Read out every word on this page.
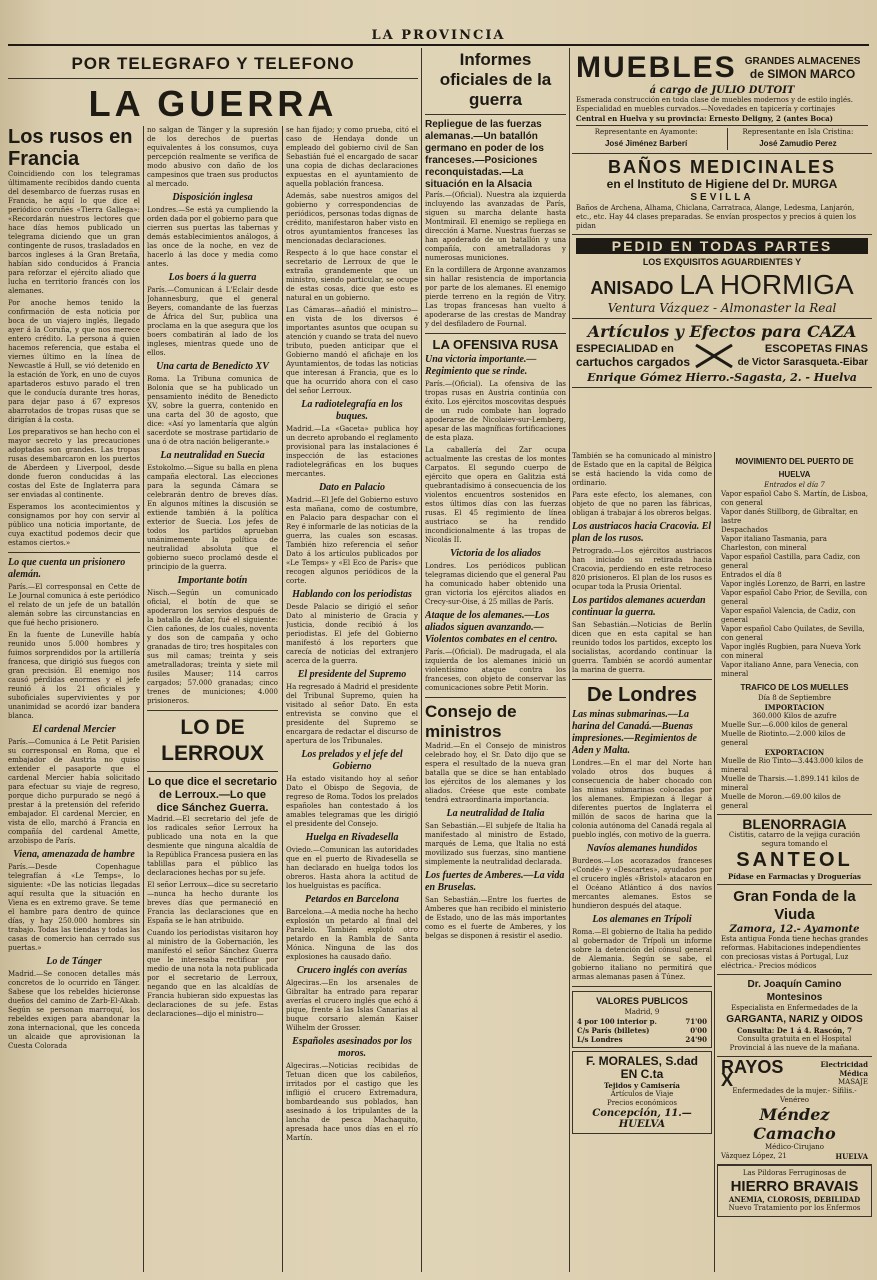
LA PROVINCIA
POR TELEGRAFO Y TELEFONO
LA GUERRA
Los rusos en Francia

Coincidiendo con los telegramas últimamente recibidos dando cuenta del desembarco de fuerzas rusas en Francia, he aquí lo que dice el periódico coruñés «Tierra Gallega»: «Recordarán nuestros lectores que hace días hemos publicado un telegrama diciendo que un gran contingente de rusos, trasladados en barcos ingleses á la Gran Bretaña, habían sido conducidos á Francia para reforzar el ejército aliado que lucha en territorio francés con los alemanes.

Por anoche hemos tenido la confirmación de esta noticia por boca de un viajero inglés, llegado ayer á la Coruña, y que nos merece entero crédito. La persona á quien hacemos referencia, que estaba el viernes último en la línea de Newcastle á Hull, se vió detenido en la estación de York, en uno de cuyos apartaderos estuvo parado el tren que le conducía durante tres horas, para dejar paso á 67 expresos abarrotados de tropas rusas que se dirigían á la costa.

Los preparativos se han hecho con el mayor secreto y las precauciones adoptadas son grandes. Las tropas rusas desembarcaron en los puertos de Aberdeen y Liverpool, desde donde fueron conducidas á las costas del Este de Inglaterra para ser enviadas al continente.

Esperamos los acontecimientos y consignamos por hoy con servir al público una noticia importante, de cuya exactitud podemos decir que estamos ciertos.»

Lo que cuenta un prisionero alemán.

París.—El corresponsal en Cette de Le Journal comunica á este periódico el relato de un jefe de un batallón alemán sobre las circunstancias en que fué hecho prisionero.

En la fuente de Luneville había reunido unos 5.000 hombres y fuimos sorprendidos por la artillería francesa, que dirigió sus fuegos con gran precisión. El enemigo nos causó pérdidas enormes y el jefe reunió á los 21 oficiales y suboficiales supervivientes y por unanimidad se acordó izar bandera blanca.

El cardenal Mercier

París.—Comunica á Le Petit Parisien su corresponsal en Roma, que el embajador de Austria no quiso extender el pasaporte que el cardenal Mercier había solicitado para efectuar su viaje de regreso, porque dicho purpurado se negó á prestar á la pretensión del referido embajador. El cardenal Mercier, en vista de ello, marchó á Francia en compañía del cardenal Amette, arzobispo de París.

Viena, amenazada de hambre

París.—Desde Copenhague telegrafían á «Le Temps», lo siguiente: «De las noticias llegadas aquí resulta que la situación en Viena es en extremo grave. Se teme el hambre para dentro de quince días, y hay 250.000 hombres sin trabajo. Todas las tiendas y todas las casas de comercio han cerrado sus puertas.»

Lo de Tánger

Madrid.—Se conocen detalles más concretos de lo ocurrido en Tánger. Sabese que los rebeldes hicieronse dueños del camino de Zarb-El-Akab. Según se personan marroquí, los rebeldes exigen para abandonar la zona internacional, que les conceda un alcaide que aprovisionan la Cuesta Colorada

no salgan de Tánger y la supresión de los derechos de puertas equivalentes á los consumos, cuya percepción realmente se verifica de modo abusivo con daño de los campesinos que traen sus productos al mercado.

Disposición inglesa

Londres.—Se está ya cumpliendo la orden dada por el gobierno para que cierren sus puertas las tabernas y demás establecimientos análogos, á las once de la noche, en vez de hacerlo á las doce y media como antes.

Los boers á la guerra

París.—Comunican á L'Eclair desde Johannesburg, que el general Beyers, comandante de las fuerzas de África del Sur, publica una proclama en la que asegura que los boers combatirán al lado de los ingleses, mientras quede uno de ellos.

Una carta de Benedicto XV

Roma. La Tribuna comunica de Bolonia que se ha publicado un pensamiento inédito de Benedicto XV, sobre la guerra, contenido en una carta del 30 de agosto, que dice: «Así yo lamentaría que algún sacerdote se mostrase partidario de una ó de otra nación beligerante.»

La neutralidad en Suecia

Estokolmo.—Sigue su balla en plena campaña electoral. Las elecciones para la segunda Cámara se celebrarán dentro de breves días. En algunos mítines la discusión se extiende también á la política exterior de Suecia. Los jefes de todos los partidos aprueban unánimemente la política de neutralidad absoluta que el gobierno sueco proclamó desde el principio de la guerra.

Importante botín

Nisch.—Según un comunicado oficial, el botín de que se apoderaron los servios después de la batalla de Adar, fué el siguiente: Cien cañones, de los cuales, noventa y dos son de campaña y ocho granadas de tiro; tres hospitales con sus mil camas; treinta y seis ametralladoras; treinta y siete mil fusiles Mauser; 114 carros cargados; 57.000 granadas; cinco trenes de municiones; 4.000 prisioneros.

LO DE LERROUX
Lo que dice el secretario de Lerroux.—Lo que dice Sánchez Guerra.

Madrid.—El secretario del jefe de los radicales señor Lerroux ha publicado una nota en la que desmiente que ninguna alcaldía de la República Francesa pusiera en las tablillas para el público las declaraciones hechas por su jefe.

El señor Lerroux—dice su secretario—nunca ha hecho durante los breves días que permaneció en Francia las declaraciones que en España se le han atribuido.

Cuando los periodistas visitaron hoy al ministro de la Gobernación, les manifestó el señor Sánchez Guerra que le interesaba rectificar por medio de una nota la nota publicada por el secretario de Lerroux, negando que en las alcaldías de Francia hubieran sido expuestas las declaraciones de su jefe. Estas declaraciones—dijo el ministro—

se han fijado; y como prueba, citó el caso de Hendaya donde un empleado del gobierno civil de San Sebastián fué el encargado de sacar una copia de dichas declaraciones expuestas en el ayuntamiento de aquella población francesa.

Además, sabe nuestros amigos del gobierno y correspondencias de periódicos, personas todas dignas de crédito, manifestaron haber visto en otros ayuntamientos franceses las mencionadas declaraciones.

Respecto á lo que hace constar el secretario de Lerroux de que le extraña grandemente que un ministro, siendo particular, se ocupe de estas cosas, dice que esto es natural en un gobierno.

Las Cámaras—añadió el ministro—en vista de los diversos é importantes asuntos que ocupan su atención y cuando se trata del nuevo tributo, pueden anticipar que el Gobierno mandó el afichaje en los Ayuntamientos, de todas las noticias que interesan á Francia, que es lo que ha ocurrido ahora con el caso del señor Lerroux.

La radiotelegrafía en los buques.

Madrid.—La «Gaceta» publica hoy un decreto aprobando el reglamento provisional para las instalaciones é inspección de las estaciones radiotelegráficas en los buques mercantes.

Dato en Palacio

Madrid.—El Jefe del Gobierno estuvo esta mañana, como de costumbre, en Palacio para despachar con el Rey é informarle de las noticias de la guerra, las cuales son escasas. También hizo referencia el señor Dato á los artículos publicados por «Le Temps» y «El Eco de París» que recogen algunos periódicos de la corte.

Hablando con los periodistas

Desde Palacio se dirigió el señor Dato al ministerio de Gracia y Justicia, donde recibió á los periodistas. El jefe del Gobierno manifestó á los reporters que carecía de noticias del extranjero acerca de la guerra.

El presidente del Supremo

Ha regresado á Madrid el presidente del Tribunal Supremo, quien ha visitado al señor Dato. En esta entrevista se convino que el presidente del Supremo se encargara de redactar el discurso de apertura de los Tribunales.

Los prelados y el jefe del Gobierno

Ha estado visitando hoy al señor Dato el Obispo de Segovia, de regreso de Roma. Todos los prelados españoles han contestado á los amables telegramas que les dirigió el presidente del Consejo.

Huelga en Rivadesella

Oviedo.—Comunican las autoridades que en el puerto de Rivadesella se han declarado en huelga todos los obreros. Hasta ahora la actitud de los huelguistas es pacífica.

Petardos en Barcelona

Barcelona.—A media noche ha hecho explosión un petardo al final del Paralelo. También explotó otro petardo en la Rambla de Santa Mónica. Ninguna de las dos explosiones ha causado daño.

Crucero inglés con averías

Algeciras.—En los arsenales de Gibraltar ha entrado para reparar averías el crucero inglés que echó á pique, frente á las Islas Canarias al buque corsario alemán Kaiser Wilhelm der Grosser.

Españoles asesinados por los moros.

Algeciras.—Noticias recibidas de Tetuan dicen que los cabileños, irritados por el castigo que les infligió el crucero Extremadura, bombardeando sus poblados, han asesinado á los tripulantes de la lancha de pesca Machaquito, apresada hace unos días en el río Martín.

Informes oficiales de la guerra
Repliegue de las fuerzas alemanas.—Un batallón germano en poder de los franceses.—Posiciones reconquistadas.—La situación en la Alsacia

París.—(Oficial). Nuestra ala izquierda incluyendo las avanzadas de París, siguen su marcha delante hasta Montmirail. El enemigo se repliega en dirección á Marne. Nuestras fuerzas se han apoderado de un batallón y una compañía, con ametralladoras y numerosas municiones.

En la cordillera de Argonne avanzamos sin hallar resistencia de importancia por parte de los alemanes. El enemigo pierde terreno en la región de Vitry. Las tropas francesas han vuelto á apoderarse de las crestas de Mandray y del desfiladero de Fournal.

LA OFENSIVA RUSA
Una victoria importante.—Regimiento que se rinde.

París.—(Oficial). La ofensiva de las tropas rusas en Austria continúa con éxito. Los ejércitos moscovitas después de un rudo combate han logrado apoderarse de Nicolaiev-sur-Lemberg, apesar de las magníficas fortificaciones de esta plaza.

La caballería del Zar ocupa actualmente las crestas de los montes Carpatos. El segundo cuerpo de ejército que opera en Galitzia está quebrantadísimo á consecuencia de los violentos encuentros sostenidos en estos últimos días con las fuerzas rusas. El 45 regimiento de línea austriaco se ha rendido incondicionalmente á las tropas de Nicolás II.

Victoria de los aliados

Londres. Los periódicos publican telegramas diciendo que el general Pau ha comunicado haber obtenido una gran victoria los ejércitos aliados en Crecy-sur-Oise, á 25 millas de París.

Ataque de los alemanes.—Los aliados siguen avanzando.—Violentos combates en el centro.

París.—(Oficial). De madrugada, el ala izquierda de los alemanes inició un violentísimo ataque contra los franceses, con objeto de conservar las comunicaciones sobre Petit Morin.

Consejo de ministros

Madrid.—En el Consejo de ministros celebrado hoy, el Sr. Dato dijo que se espera el resultado de la nueva gran batalla que se dice se han entablado los ejércitos de los alemanes y los aliados. Créese que este combate tendrá extraordinaria importancia.

La neutralidad de Italia

San Sebastián.—El subjefe de Italia ha manifestado al ministro de Estado, marqués de Lema, que Italia no está movilizado sus fuerzas, sino mantiene simplemente la neutralidad declarada.

Los fuertes de Amberes.—La vida en Bruselas.

San Sebastián.—Entre los fuertes de Amberes que han recibido el ministerio de Estado, uno de las más importantes como es el fuerte de Amberes, y los belgas se disponen á resistir el asedio.

MUEBLES GRANDES ALMACENES
de SIMON MARCO
á cargo de JULIO DUTOIT
Esmerada construcción en toda clase de muebles modernos y de estilo inglés. Especialidad en muebles curvados.—Novedades en tapicería y cortinajes
Central en Huelva y su provincia: Ernesto Deligny, 2 (antes Boca)
Representante en Ayamonte:
José Jiménez Barberí
Representante en Isla Cristina:
José Zamudio Perez
BAÑOS MEDICINALES
en el Instituto de Higiene del Dr. MURGA
SEVILLA
Baños de Archena, Alhama, Chiclana, Carratraca, Alange, Ledesma, Lanjarón, etc., etc. Hay 44 clases preparadas. Se envían prospectos y precios á quien los pidan
PEDID EN TODAS PARTES
LOS EXQUISITOS AGUARDIENTES Y
ANISADO LA HORMIGA
Ventura Vázquez - Almonaster la Real
Artículos y Efectos para CAZA
ESPECIALIDAD en
cartuchos cargados
ESCOPETAS FINAS
de Victor Sarasqueta.-Eibar
Enrique Gómez Hierro.-Sagasta, 2. - Huelva

También se ha comunicado al ministro de Estado que en la capital de Bélgica se está haciendo la vida como de ordinario.

Para este efecto, los alemanes, con objeto de que no paren las fábricas, obligan á trabajar á los obreros belgas.

Los austriacos hacia Cracovia. El plan de los rusos.

Petrogrado.—Los ejércitos austriacos han iniciado su retirada hacia Cracovia, perdiendo en este retroceso 820 prisioneros. El plan de los rusos es ocupar toda la Prusia Oriental.

Los partidos alemanes acuerdan continuar la guerra.

San Sebastián.—Noticias de Berlín dicen que en esta capital se han reunido todos los partidos, excepto los socialistas, acordando continuar la guerra. También se acordó aumentar la marina de guerra.

De Londres
Las minas submarinas.—La harina del Canadá.—Buenas impresiones.—Regimientos de Aden y Malta.

Londres.—En el mar del Norte han volado otros dos buques á consecuencia de haber chocado con las minas submarinas colocadas por los alemanes. Empiezan á llegar á diferentes puertos de Inglaterra el millón de sacos de harina que la colonia autónoma del Canadá regala al pueblo inglés, con motivo de la guerra.

Navíos alemanes hundidos

Burdeos.—Los acorazados franceses «Condé» y «Descartes», ayudados por el crucero inglés «Bristol» atacaron en el Océano Atlántico á dos navíos mercantes alemanes. Estos se hundieron después del ataque.

Los alemanes en Trípoli

Roma.—El gobierno de Italia ha pedido al gobernador de Trípoli un informe sobre la detención del cónsul general de Alemania. Según se sabe, el gobierno italiano no permitirá que armas alemanas pasen á Túnez.

VALORES PUBLICOS
Madrid, 9
4 por 100 interior p.	71'00
C/s París (billetes)	0'00
L/s Londres	24'90
F. MORALES, S.dad EN C.ta
Tejidos y Camisería
Artículos de Viaje
Precios económicos
Concepción, 11.—HUELVA
MOVIMIENTO DEL PUERTO DE HUELVA
Entrados el día 7
Vapor español Cabo S. Martín, de Lisboa, con general
Vapor danés Stillborg, de Gibraltar, en lastre
Despachados
Vapor italiano Tasmania, para Charleston, con mineral
Vapor español Castilla, para Cadiz, con general
Entrados el día 8
Vapor inglés Lorenzo, de Barri, en lastre
Vapor español Cabo Prior, de Sevilla, con general
Vapor español Valencia, de Cadiz, con general
Vapor español Cabo Quilates, de Sevilla, con general
Vapor inglés Rugbien, para Nueva York con mineral
Vapor italiano Anne, para Venecia, con mineral
TRAFICO DE LOS MUELLES
Día 8 de Septiembre
IMPORTACION
360.000 Kilos de azufre
Muelle Sur.—6.000 kilos de general
Muelle de Riotinto.—2.000 kilos de general
EXPORTACION
Muelle de Rio Tinto—3.443.000 kilos de mineral
Muelle de Tharsis.—1.899.141 kilos de mineral
Muelle de Moron.—69.00 kilos de general
BLENORRAGIA
Cistitis, catarro de la vejiga curación segura tomando el
SANTEOL
Pídase en Farmacias y Droguerías
Gran Fonda de la Viuda
Zamora, 12.- Ayamonte
Esta antigua Fonda tiene hechas grandes reformas. Habitaciones independientes con preciosas vistas á Portugal, Luz eléctrica.- Precios módicos
Dr. Joaquín Camino Montesinos
Especialista en Enfermedades de la
GARGANTA, NARIZ y OIDOS
Consulta: De 1 á 4. Rascón, 7
Consulta gratuita en el Hospital Provincial á las nueve de la mañana.
RAYOS X
Electricidad Médica
MASAJE
Enfermedades de la mujer.- Sífilis.- Venéreo
Méndez Camacho
Médico-Cirujano
Vázquez López, 21	HUELVA
Las Pildoras Ferruginosas de
HIERRO BRAVAIS
ANEMIA, CLOROSIS, DEBILIDAD
Nuevo Tratamiento por los Enfermos
